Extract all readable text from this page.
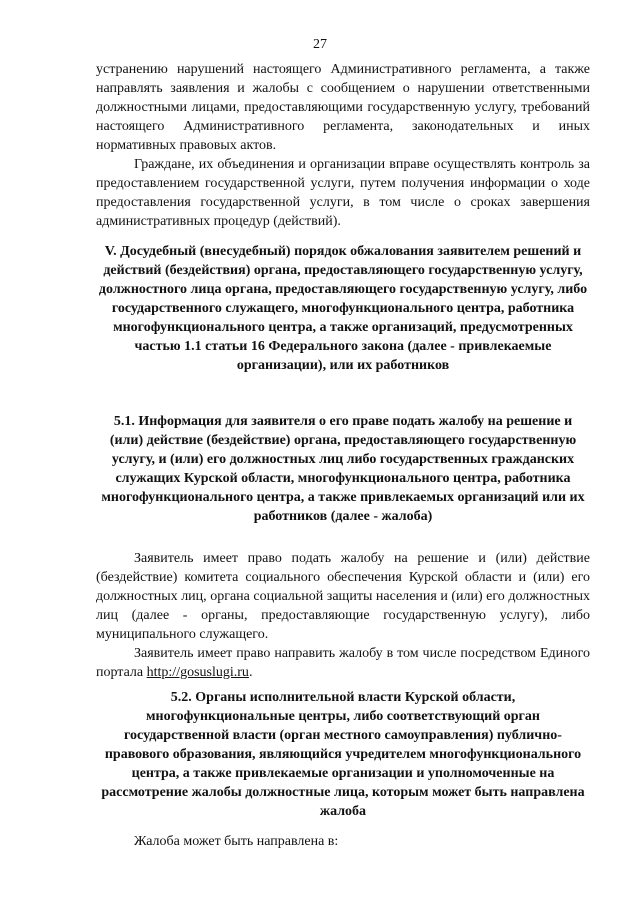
27

устранению нарушений настоящего Административного регламента, а также направлять заявления и жалобы с сообщением о нарушении ответственными должностными лицами, предоставляющими государственную услугу, требований настоящего Административного регламента, законодательных и иных нормативных правовых актов.

Граждане, их объединения и организации вправе осуществлять контроль за предоставлением государственной услуги, путем получения информации о ходе предоставления государственной услуги, в том числе о сроках завершения административных процедур (действий).

V. Досудебный (внесудебный) порядок обжалования заявителем решений и действий (бездействия) органа, предоставляющего государственную услугу, должностного лица органа, предоставляющего государственную услугу, либо государственного служащего, многофункционального центра, работника многофункционального центра, а также организаций, предусмотренных частью 1.1 статьи 16 Федерального закона (далее - привлекаемые организации), или их работников
5.1. Информация для заявителя о его праве подать жалобу на решение и (или) действие (бездействие) органа, предоставляющего государственную услугу, и (или) его должностных лиц либо государственных гражданских служащих Курской области, многофункционального центра, работника многофункционального центра, а также привлекаемых организаций или их работников (далее - жалоба)

Заявитель имеет право подать жалобу на решение и (или) действие (бездействие) комитета социального обеспечения Курской области и (или) его должностных лиц, органа социальной защиты населения и (или) его должностных лиц (далее - органы, предоставляющие государственную услугу), либо муниципального служащего.

Заявитель имеет право направить жалобу в том числе посредством Единого портала http://gosuslugi.ru.

5.2. Органы исполнительной власти Курской области, многофункциональные центры, либо соответствующий орган государственной власти (орган местного самоуправления) публично-правового образования, являющийся учредителем многофункционального центра, а также привлекаемые организации и уполномоченные на рассмотрение жалобы должностные лица, которым может быть направлена жалоба

Жалоба может быть направлена в:
